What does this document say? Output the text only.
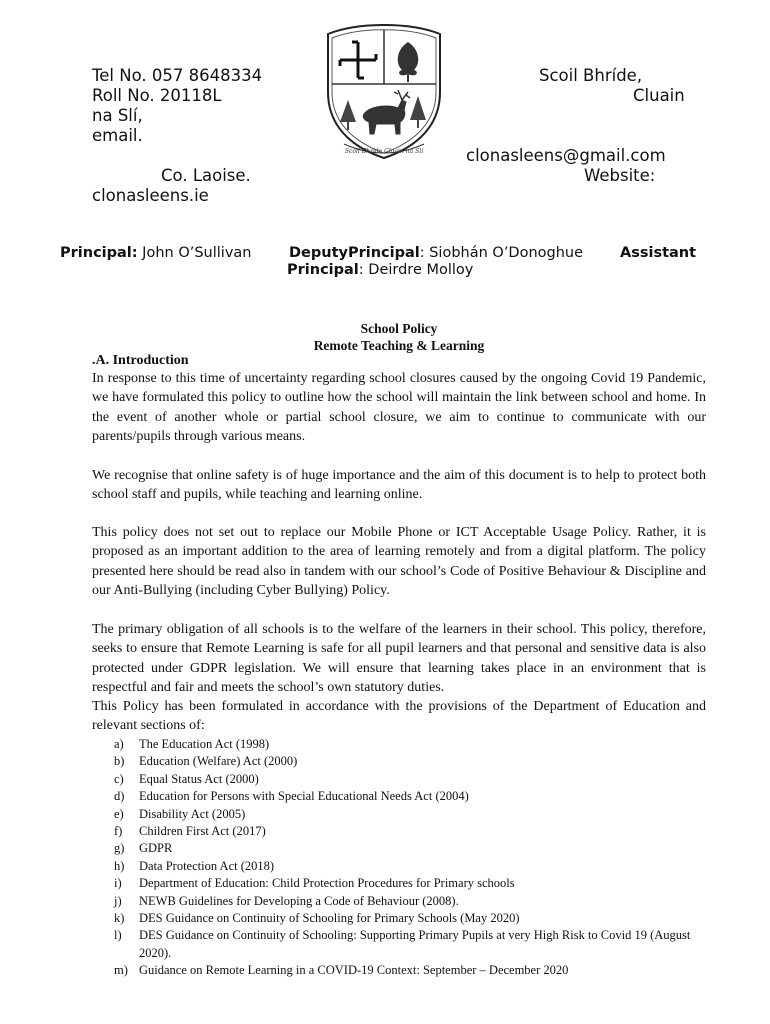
Tel No. 057 8648334
Roll No. 20118L
na Slí,
email.
Co. Laoise.
clonasleens.ie
Scoil Bhríde,
Cluain
clonasleens@gmail.com
Website:
Scoil Bhríde Cluain na Slí
Principal: John O’Sullivan	DeputyPrincipal: Siobhán O’Donoghue	Assistant
Principal: Deirdre Molloy
School Policy
Remote Teaching & Learning
.A. Introduction
In response to this time of uncertainty regarding school closures caused by the ongoing Covid 19 Pandemic, we have formulated this policy to outline how the school will maintain the link between school and home. In the event of another whole or partial school closure, we aim to continue to communicate with our parents/pupils through various means.
We recognise that online safety is of huge importance and the aim of this document is to help to protect both school staff and pupils, while teaching and learning online.
This policy does not set out to replace our Mobile Phone or ICT Acceptable Usage Policy. Rather, it is proposed as an important addition to the area of learning remotely and from a digital platform. The policy presented here should be read also in tandem with our school’s Code of Positive Behaviour & Discipline and our Anti-Bullying (including Cyber Bullying) Policy.
The primary obligation of all schools is to the welfare of the learners in their school. This policy, therefore, seeks to ensure that Remote Learning is safe for all pupil learners and that personal and sensitive data is also protected under GDPR legislation. We will ensure that learning takes place in an environment that is respectful and fair and meets the school’s own statutory duties.
This Policy has been formulated in accordance with the provisions of the Department of Education and relevant sections of:
a)	The Education Act (1998)
b)	Education (Welfare) Act (2000)
c)	Equal Status Act (2000)
d)	Education for Persons with Special Educational Needs Act (2004)
e)	Disability Act (2005)
f)	Children First Act (2017)
g)	GDPR
h)	Data Protection Act (2018)
i)	Department of Education: Child Protection Procedures for Primary schools
j)	NEWB Guidelines for Developing a Code of Behaviour (2008).
k)	DES Guidance on Continuity of Schooling for Primary Schools (May 2020)
l)	DES Guidance on Continuity of Schooling: Supporting Primary Pupils at very High Risk to Covid 19 (August 2020).
m) Guidance on Remote Learning in a COVID-19 Context: September – December 2020
